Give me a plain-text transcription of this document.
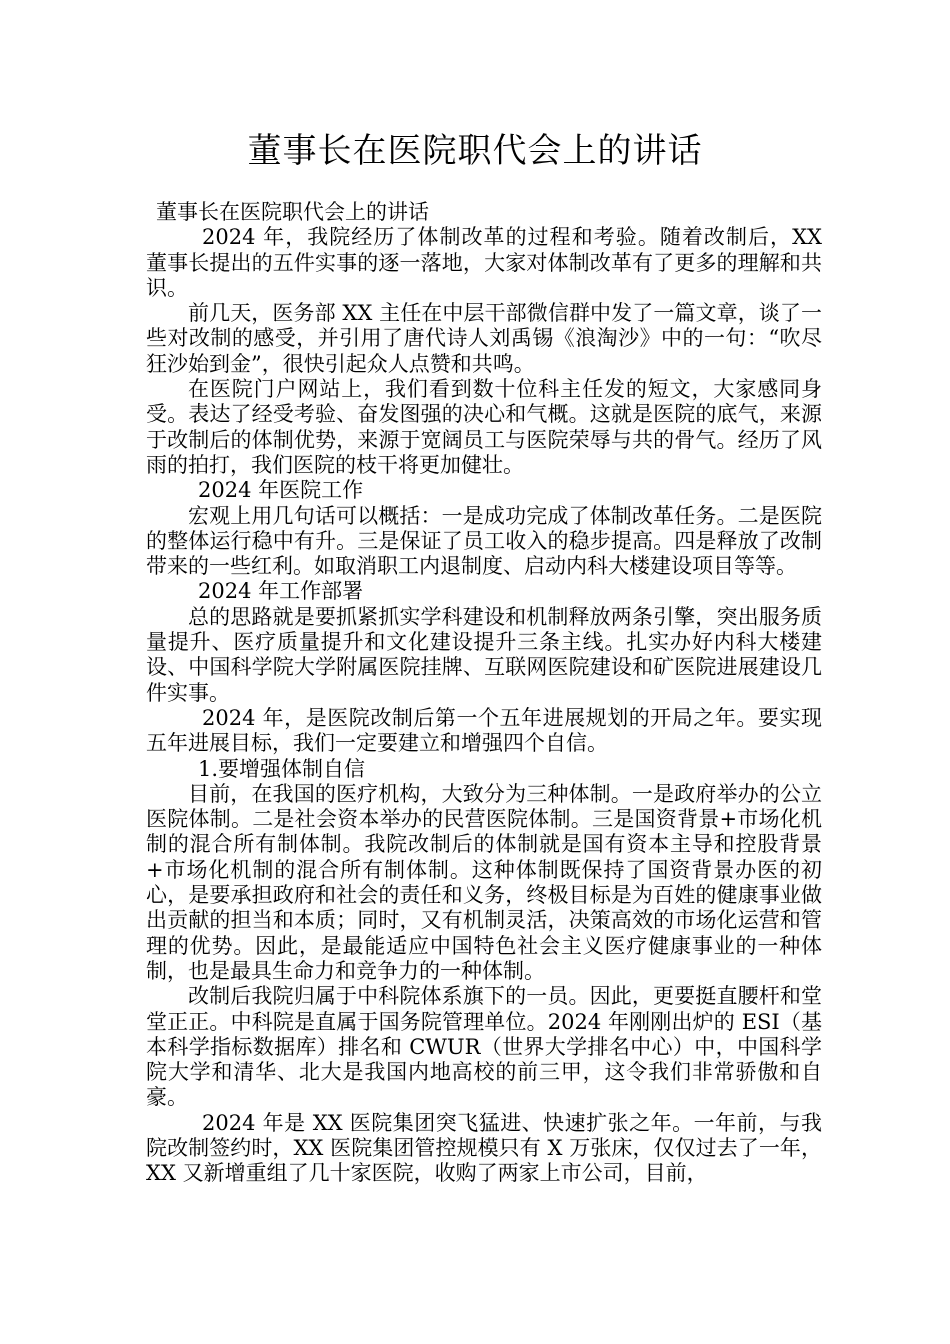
董事长在医院职代会上的讲话

董事长在医院职代会上的讲话

2024 年，我院经历了体制改革的过程和考验。随着改制后，XX 董事长提出的五件实事的逐一落地，大家对体制改革有了更多的理解和共识。

前几天，医务部 XX 主任在中层干部微信群中发了一篇文章，谈了一些对改制的感受，并引用了唐代诗人刘禹锡《浪淘沙》中的一句：“吹尽狂沙始到金”，很快引起众人点赞和共鸣。

在医院门户网站上，我们看到数十位科主任发的短文，大家感同身受。表达了经受考验、奋发图强的决心和气概。这就是医院的底气，来源于改制后的体制优势，来源于宽阔员工与医院荣辱与共的骨气。经历了风雨的拍打，我们医院的枝干将更加健壮。

2024 年医院工作

宏观上用几句话可以概括：一是成功完成了体制改革任务。二是医院的整体运行稳中有升。三是保证了员工收入的稳步提高。四是释放了改制带来的一些红利。如取消职工内退制度、启动内科大楼建设项目等等。

2024 年工作部署

总的思路就是要抓紧抓实学科建设和机制释放两条引擎，突出服务质量提升、医疗质量提升和文化建设提升三条主线。扎实办好内科大楼建设、中国科学院大学附属医院挂牌、互联网医院建设和矿医院进展建设几件实事。

2024 年，是医院改制后第一个五年进展规划的开局之年。要实现五年进展目标，我们一定要建立和增强四个自信。

1.要增强体制自信

目前，在我国的医疗机构，大致分为三种体制。一是政府举办的公立医院体制。二是社会资本举办的民营医院体制。三是国资背景+市场化机制的混合所有制体制。我院改制后的体制就是国有资本主导和控股背景+市场化机制的混合所有制体制。这种体制既保持了国资背景办医的初心，是要承担政府和社会的责任和义务，终极目标是为百姓的健康事业做出贡献的担当和本质；同时，又有机制灵活，决策高效的市场化运营和管理的优势。因此，是最能适应中国特色社会主义医疗健康事业的一种体制，也是最具生命力和竞争力的一种体制。

改制后我院归属于中科院体系旗下的一员。因此，更要挺直腰杆和堂堂正正。中科院是直属于国务院管理单位。2024 年刚刚出炉的 ESI（基本科学指标数据库）排名和 CWUR（世界大学排名中心）中，中国科学院大学和清华、北大是我国内地高校的前三甲，这令我们非常骄傲和自豪。

2024 年是 XX 医院集团突飞猛进、快速扩张之年。一年前，与我院改制签约时，XX 医院集团管控规模只有 X 万张床，仅仅过去了一年，XX 又新增重组了几十家医院，收购了两家上市公司，目前，
